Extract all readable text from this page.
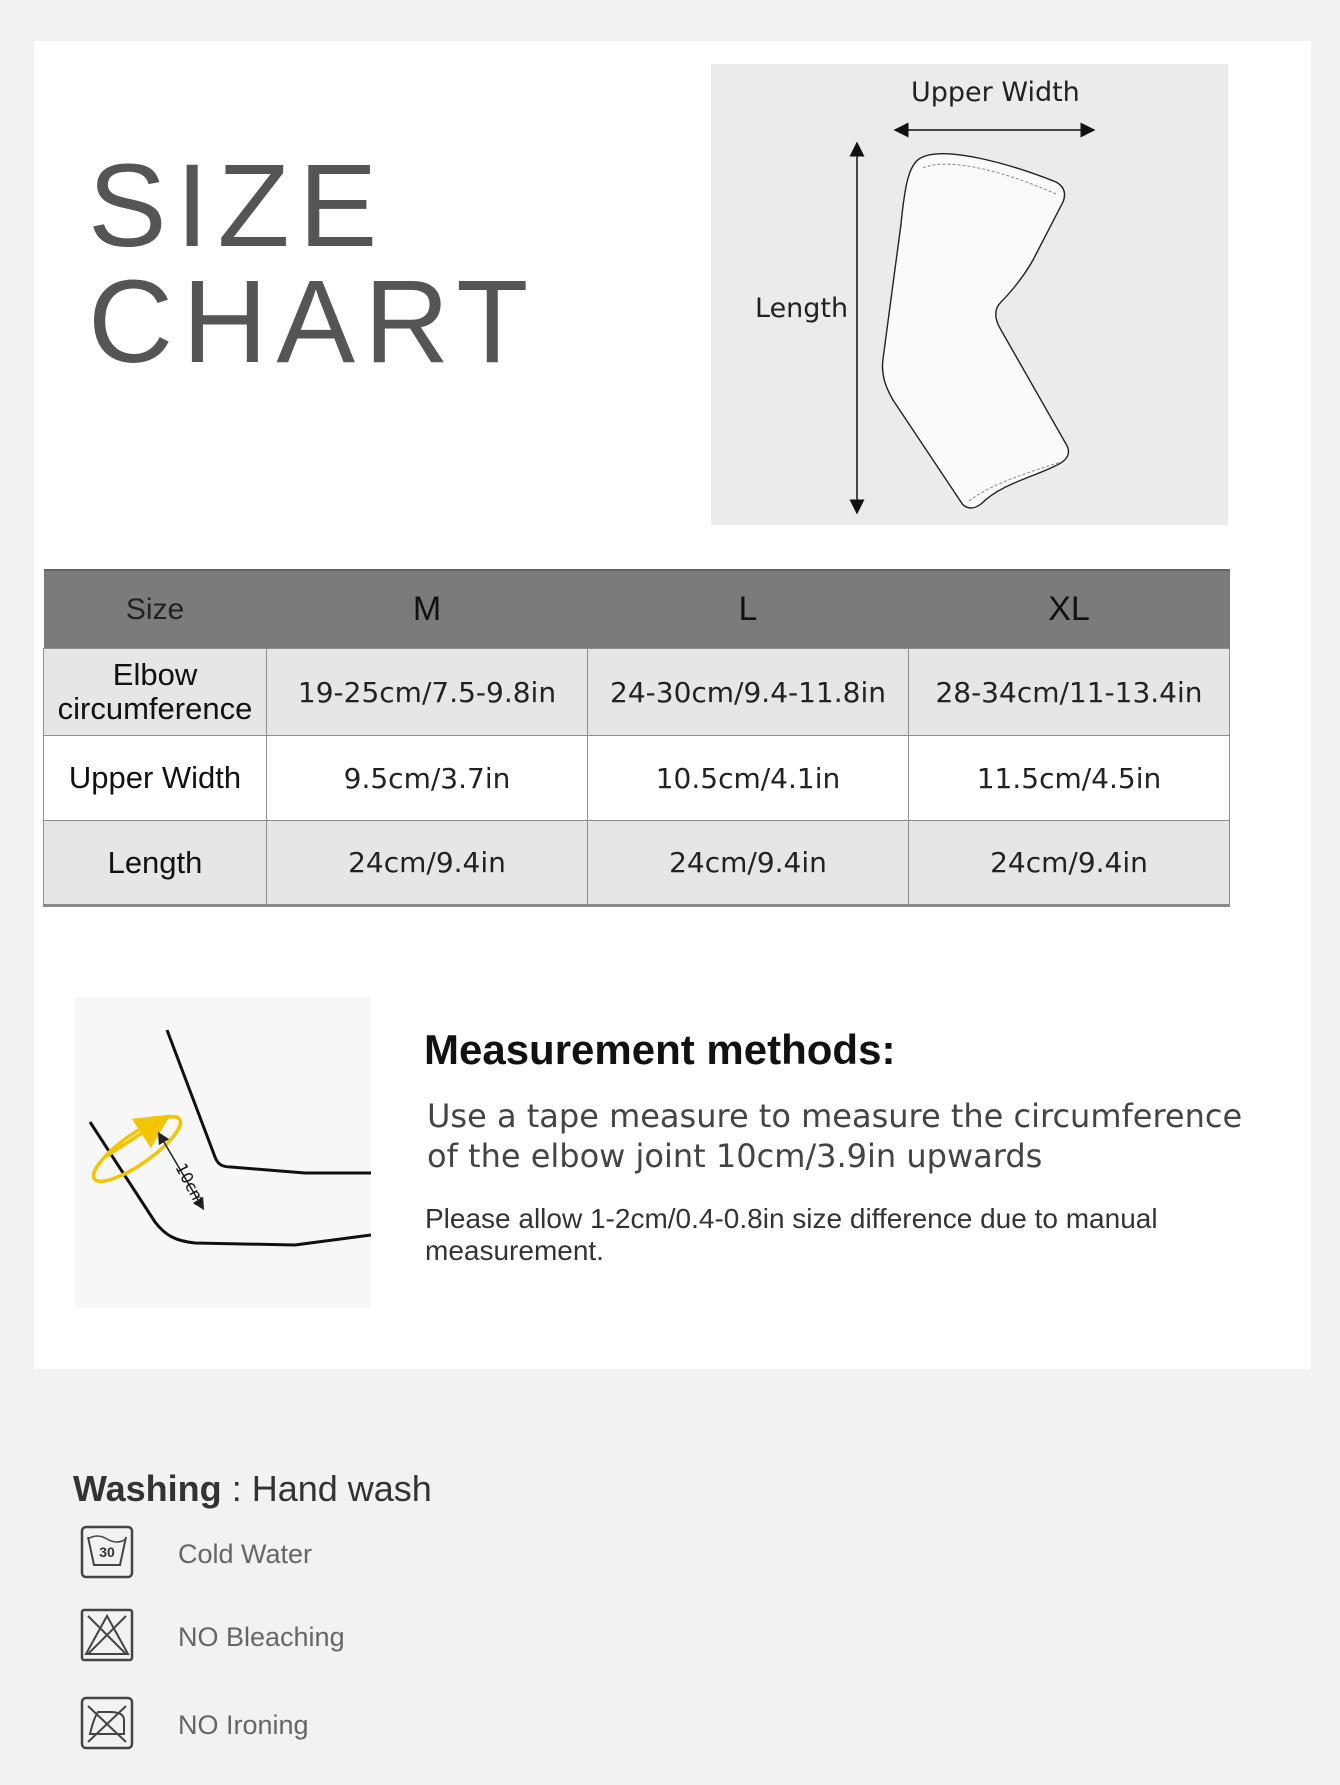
SIZE
CHART
Upper Width
Length
Size	M	L	XL
Elbow circumference	19-25cm/7.5-9.8in	24-30cm/9.4-11.8in	28-34cm/11-13.4in
Upper Width	9.5cm/3.7in	10.5cm/4.1in	11.5cm/4.5in
Length	24cm/9.4in	24cm/9.4in	24cm/9.4in
10cm
Measurement methods:
Use a tape measure to measure the circumference of the elbow joint 10cm/3.9in upwards
Please allow 1-2cm/0.4-0.8in size difference due to manual measurement.
Washing : Hand wash
30 Cold Water
NO Bleaching
NO Ironing
